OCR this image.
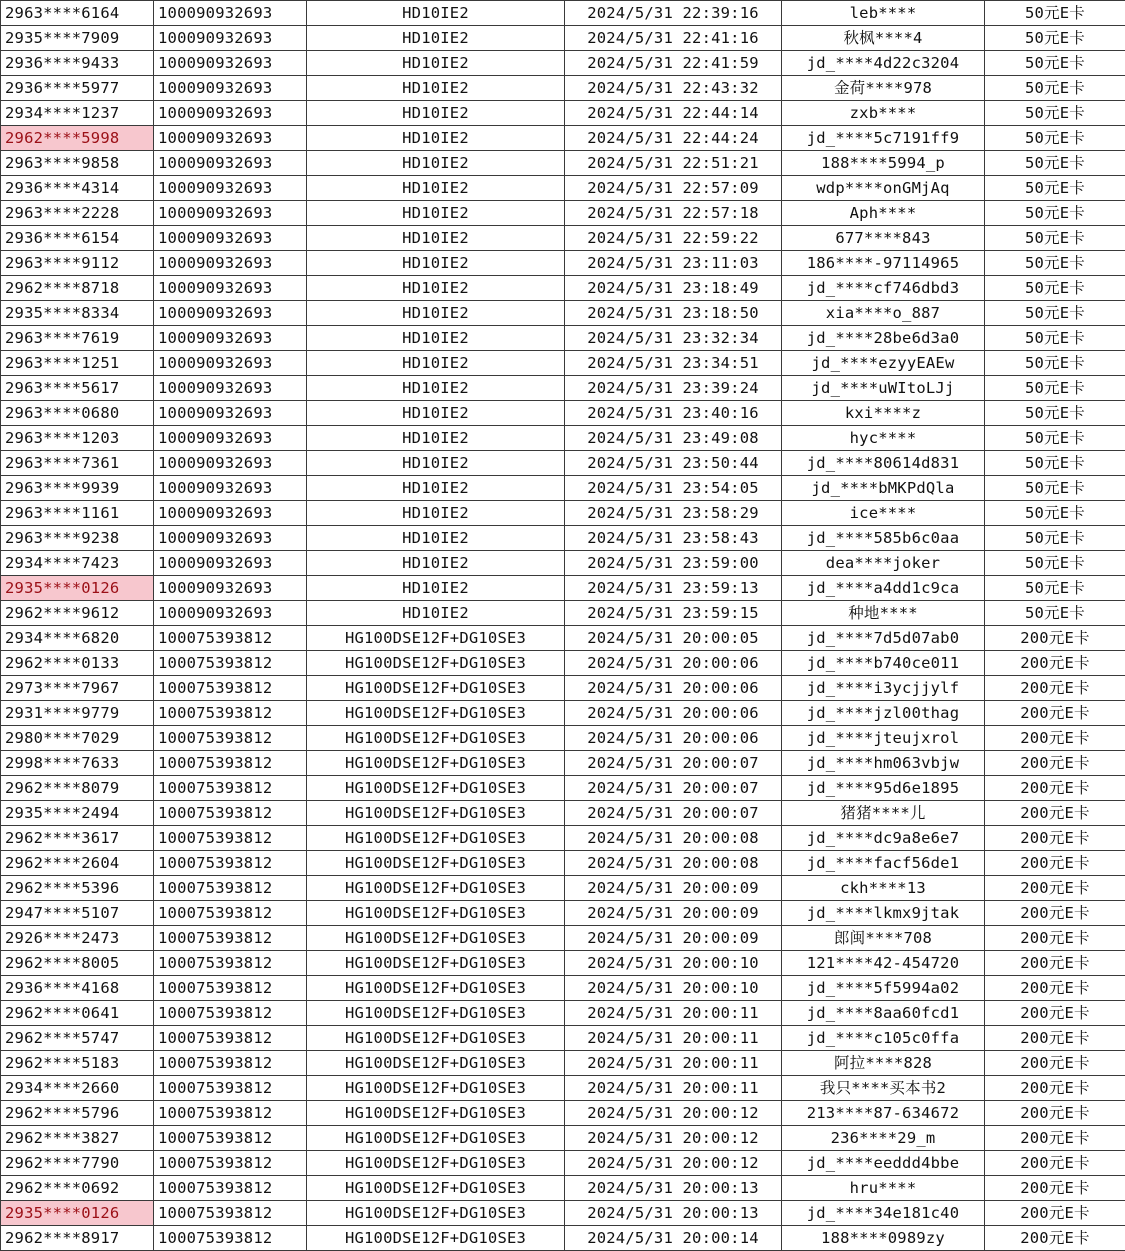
2963****6164	100090932693	HD10IE2	2024/5/31 22:39:16	leb****	50元E卡
2935****7909	100090932693	HD10IE2	2024/5/31 22:41:16	秋枫****4	50元E卡
2936****9433	100090932693	HD10IE2	2024/5/31 22:41:59	jd_****4d22c3204	50元E卡
2936****5977	100090932693	HD10IE2	2024/5/31 22:43:32	金荷****978	50元E卡
2934****1237	100090932693	HD10IE2	2024/5/31 22:44:14	zxb****	50元E卡
2962****5998	100090932693	HD10IE2	2024/5/31 22:44:24	jd_****5c7191ff9	50元E卡
2963****9858	100090932693	HD10IE2	2024/5/31 22:51:21	188****5994_p	50元E卡
2936****4314	100090932693	HD10IE2	2024/5/31 22:57:09	wdp****onGMjAq	50元E卡
2963****2228	100090932693	HD10IE2	2024/5/31 22:57:18	Aph****	50元E卡
2936****6154	100090932693	HD10IE2	2024/5/31 22:59:22	677****843	50元E卡
2963****9112	100090932693	HD10IE2	2024/5/31 23:11:03	186****-97114965	50元E卡
2962****8718	100090932693	HD10IE2	2024/5/31 23:18:49	jd_****cf746dbd3	50元E卡
2935****8334	100090932693	HD10IE2	2024/5/31 23:18:50	xia****o_887	50元E卡
2963****7619	100090932693	HD10IE2	2024/5/31 23:32:34	jd_****28be6d3a0	50元E卡
2963****1251	100090932693	HD10IE2	2024/5/31 23:34:51	jd_****ezyyEAEw	50元E卡
2963****5617	100090932693	HD10IE2	2024/5/31 23:39:24	jd_****uWItoLJj	50元E卡
2963****0680	100090932693	HD10IE2	2024/5/31 23:40:16	kxi****z	50元E卡
2963****1203	100090932693	HD10IE2	2024/5/31 23:49:08	hyc****	50元E卡
2963****7361	100090932693	HD10IE2	2024/5/31 23:50:44	jd_****80614d831	50元E卡
2963****9939	100090932693	HD10IE2	2024/5/31 23:54:05	jd_****bMKPdQla	50元E卡
2963****1161	100090932693	HD10IE2	2024/5/31 23:58:29	ice****	50元E卡
2963****9238	100090932693	HD10IE2	2024/5/31 23:58:43	jd_****585b6c0aa	50元E卡
2934****7423	100090932693	HD10IE2	2024/5/31 23:59:00	dea****joker	50元E卡
2935****0126	100090932693	HD10IE2	2024/5/31 23:59:13	jd_****a4dd1c9ca	50元E卡
2962****9612	100090932693	HD10IE2	2024/5/31 23:59:15	种地****	50元E卡
2934****6820	100075393812	HG100DSE12F+DG10SE3	2024/5/31 20:00:05	jd_****7d5d07ab0	200元E卡
2962****0133	100075393812	HG100DSE12F+DG10SE3	2024/5/31 20:00:06	jd_****b740ce011	200元E卡
2973****7967	100075393812	HG100DSE12F+DG10SE3	2024/5/31 20:00:06	jd_****i3ycjjylf	200元E卡
2931****9779	100075393812	HG100DSE12F+DG10SE3	2024/5/31 20:00:06	jd_****jzl00thag	200元E卡
2980****7029	100075393812	HG100DSE12F+DG10SE3	2024/5/31 20:00:06	jd_****jteujxrol	200元E卡
2998****7633	100075393812	HG100DSE12F+DG10SE3	2024/5/31 20:00:07	jd_****hm063vbjw	200元E卡
2962****8079	100075393812	HG100DSE12F+DG10SE3	2024/5/31 20:00:07	jd_****95d6e1895	200元E卡
2935****2494	100075393812	HG100DSE12F+DG10SE3	2024/5/31 20:00:07	猪猪****儿	200元E卡
2962****3617	100075393812	HG100DSE12F+DG10SE3	2024/5/31 20:00:08	jd_****dc9a8e6e7	200元E卡
2962****2604	100075393812	HG100DSE12F+DG10SE3	2024/5/31 20:00:08	jd_****facf56de1	200元E卡
2962****5396	100075393812	HG100DSE12F+DG10SE3	2024/5/31 20:00:09	ckh****13	200元E卡
2947****5107	100075393812	HG100DSE12F+DG10SE3	2024/5/31 20:00:09	jd_****lkmx9jtak	200元E卡
2926****2473	100075393812	HG100DSE12F+DG10SE3	2024/5/31 20:00:09	郎闽****708	200元E卡
2962****8005	100075393812	HG100DSE12F+DG10SE3	2024/5/31 20:00:10	121****42-454720	200元E卡
2936****4168	100075393812	HG100DSE12F+DG10SE3	2024/5/31 20:00:10	jd_****5f5994a02	200元E卡
2962****0641	100075393812	HG100DSE12F+DG10SE3	2024/5/31 20:00:11	jd_****8aa60fcd1	200元E卡
2962****5747	100075393812	HG100DSE12F+DG10SE3	2024/5/31 20:00:11	jd_****c105c0ffa	200元E卡
2962****5183	100075393812	HG100DSE12F+DG10SE3	2024/5/31 20:00:11	阿拉****828	200元E卡
2934****2660	100075393812	HG100DSE12F+DG10SE3	2024/5/31 20:00:11	我只****买本书2	200元E卡
2962****5796	100075393812	HG100DSE12F+DG10SE3	2024/5/31 20:00:12	213****87-634672	200元E卡
2962****3827	100075393812	HG100DSE12F+DG10SE3	2024/5/31 20:00:12	236****29_m	200元E卡
2962****7790	100075393812	HG100DSE12F+DG10SE3	2024/5/31 20:00:12	jd_****eeddd4bbe	200元E卡
2962****0692	100075393812	HG100DSE12F+DG10SE3	2024/5/31 20:00:13	hru****	200元E卡
2935****0126	100075393812	HG100DSE12F+DG10SE3	2024/5/31 20:00:13	jd_****34e181c40	200元E卡
2962****8917	100075393812	HG100DSE12F+DG10SE3	2024/5/31 20:00:14	188****0989zy	200元E卡
